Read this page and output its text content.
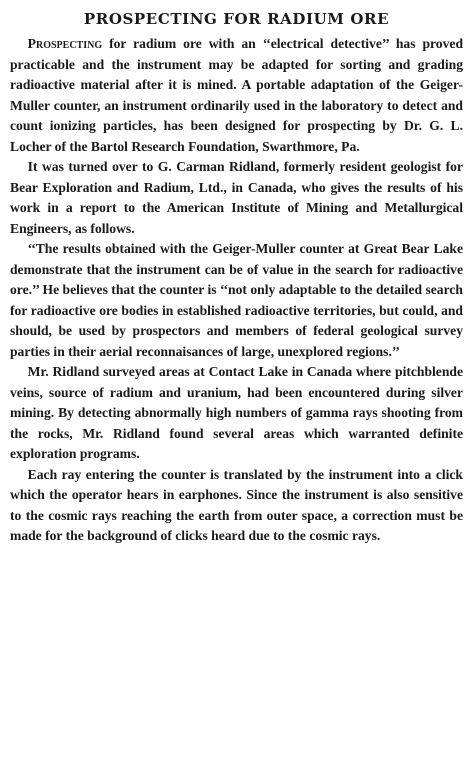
PROSPECTING FOR RADIUM ORE

Prospecting for radium ore with an ‘‘electrical detective’’ has proved practicable and the instrument may be adapted for sorting and grading radioactive material after it is mined. A portable adaptation of the Geiger-Muller counter, an instrument ordinarily used in the laboratory to detect and count ionizing particles, has been designed for prospecting by Dr. G. L. Locher of the Bartol Research Foundation, Swarthmore, Pa.

It was turned over to G. Carman Ridland, formerly resident geologist for Bear Exploration and Radium, Ltd., in Canada, who gives the results of his work in a report to the American Institute of Mining and Metallurgical Engineers, as follows.

‘‘The results obtained with the Geiger-Muller counter at Great Bear Lake demonstrate that the instrument can be of value in the search for radioactive ore.’’ He believes that the counter is ‘‘not only adaptable to the detailed search for radioactive ore bodies in established radioactive territories, but could, and should, be used by prospectors and members of federal geological survey parties in their aerial reconnaisances of large, unexplored regions.’’

Mr. Ridland surveyed areas at Contact Lake in Canada where pitchblende veins, source of radium and uranium, had been encountered during silver mining. By detecting abnormally high numbers of gamma rays shooting from the rocks, Mr. Ridland found several areas which warranted definite exploration programs.

Each ray entering the counter is translated by the instrument into a click which the operator hears in earphones. Since the instrument is also sensitive to the cosmic rays reaching the earth from outer space, a correction must be made for the background of clicks heard due to the cosmic rays.
